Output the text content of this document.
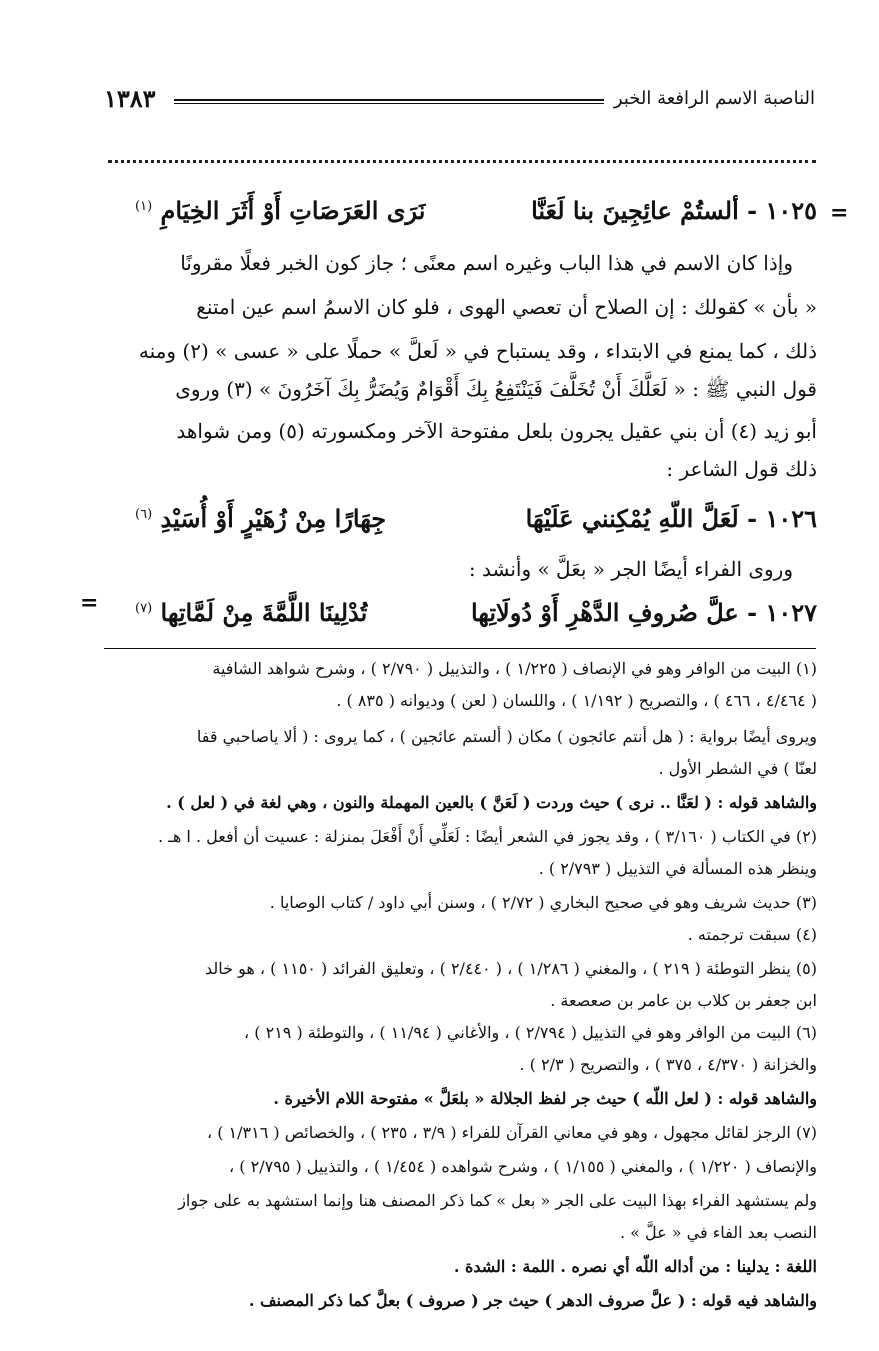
الناصبة الاسم الرافعة الخبر
١٣٨٣
=
=
١٠٢٥ - ألستُمْ عائِجِينَ بنا لَعَنَّا
نَرَى العَرَصَاتِ أَوْ أَثَرَ الخِيَامِ $^{(١)}$
وإذا كان الاسم في هذا الباب وغيره اسم معنًى ؛ جاز كون الخبر فعلًا مقرونًا
« بأن » كقولك : إن الصلاح أن تعصي الهوى ، فلو كان الاسمُ اسم عين امتنع
ذلك ، كما يمنع في الابتداء ، وقد يستباح في « لَعلَّ » حملًا على « عسى » (٢) ومنه
قول النبي ﷺ : « لَعَلَّكَ أَنْ تُخَلَّفَ فَيَنْتَفِعُ بِكَ أَقْوَامٌ وَيُضَرُّ بِكَ آخَرُونَ » (٣) وروى
أبو زيد (٤) أن بني عقيل يجرون بلعل مفتوحة الآخر ومكسورته (٥) ومن شواهد
ذلك قول الشاعر :
١٠٢٦ - لَعَلَّ اللّهِ يُمْكِنني عَلَيْهَا
جِهَارًا مِنْ زُهَيْرٍ أَوْ أُسَيْدِ $^{(٦)}$
وروى الفراء أيضًا الجر « بعَلَّ » وأنشد :
١٠٢٧ - علَّ صُروفِ الدَّهْرِ أَوْ دُولَاتِها
تُدْلِينَا اللَّمَّةَ مِنْ لَمَّاتِها $^{(٧)}$
(١) البيت من الوافر وهو في الإنصاف ( ١/٢٢٥ ) ، والتذييل ( ٢/٧٩٠ ) ، وشرح شواهد الشافية
( ٤/٤٦٤ ، ٤٦٦ ) ، والتصريح ( ١/١٩٢ ) ، واللسان ( لعن ) وديوانه ( ٨٣٥ ) .
ويروى أيضًا برواية : ( هل أنتم عائجون ) مكان ( ألستم عائجين ) ، كما يروى : ( ألا ياصاحبي قفا
لعنّا ) في الشطر الأول .
والشاهد قوله : ( لعَنَّا .. نرى ) حيث وردت ( لَعَنَّ ) بالعين المهملة والنون ، وهي لغة في ( لعل ) .
(٢) في الكتاب ( ٣/١٦٠ ) ، وقد يجوز في الشعر أيضًا : لَعَلِّي أَنْ أَفْعَلَ بمنزلة : عسيت أن أفعل . ا هـ .
وينظر هذه المسألة في التذييل ( ٢/٧٩٣ ) .
(٣) حديث شريف وهو في صحيح البخاري ( ٢/٧٢ ) ، وسنن أبي داود / كتاب الوصايا .
(٤) سبقت ترجمته .
(٥) ينظر التوطئة ( ٢١٩ ) ، والمغني ( ١/٢٨٦ ) ، ( ٢/٤٤٠ ) ، وتعليق الفرائد ( ١١٥٠ ) ، هو خالد
ابن جعفر بن كلاب بن عامر بن صعصعة .
(٦) البيت من الوافر وهو في التذييل ( ٢/٧٩٤ ) ، والأغاني ( ١١/٩٤ ) ، والتوطئة ( ٢١٩ ) ،
والخزانة ( ٤/٣٧٠ ، ٣٧٥ ) ، والتصريح ( ٢/٣ ) .
والشاهد قوله : ( لعل اللّه ) حيث جر لفظ الجلالة « بلعَلَّ » مفتوحة اللام الأخيرة .
(٧) الرجز لقائل مجهول ، وهو في معاني القرآن للفراء ( ٣/٩ ، ٢٣٥ ) ، والخصائص ( ١/٣١٦ ) ،
والإنصاف ( ١/٢٢٠ ) ، والمغني ( ١/١٥٥ ) ، وشرح شواهده ( ١/٤٥٤ ) ، والتذييل ( ٢/٧٩٥ ) ،
ولم يستشهد الفراء بهذا البيت على الجر « بعل » كما ذكر المصنف هنا وإنما استشهد به على جواز
النصب بعد الفاء في « علَّ » .
اللغة : يدلينا : من أداله اللّه أي نصره . اللمة : الشدة .
والشاهد فيه قوله : ( علَّ صروف الدهر ) حيث جر ( صروف ) بعلَّ كما ذكر المصنف .
